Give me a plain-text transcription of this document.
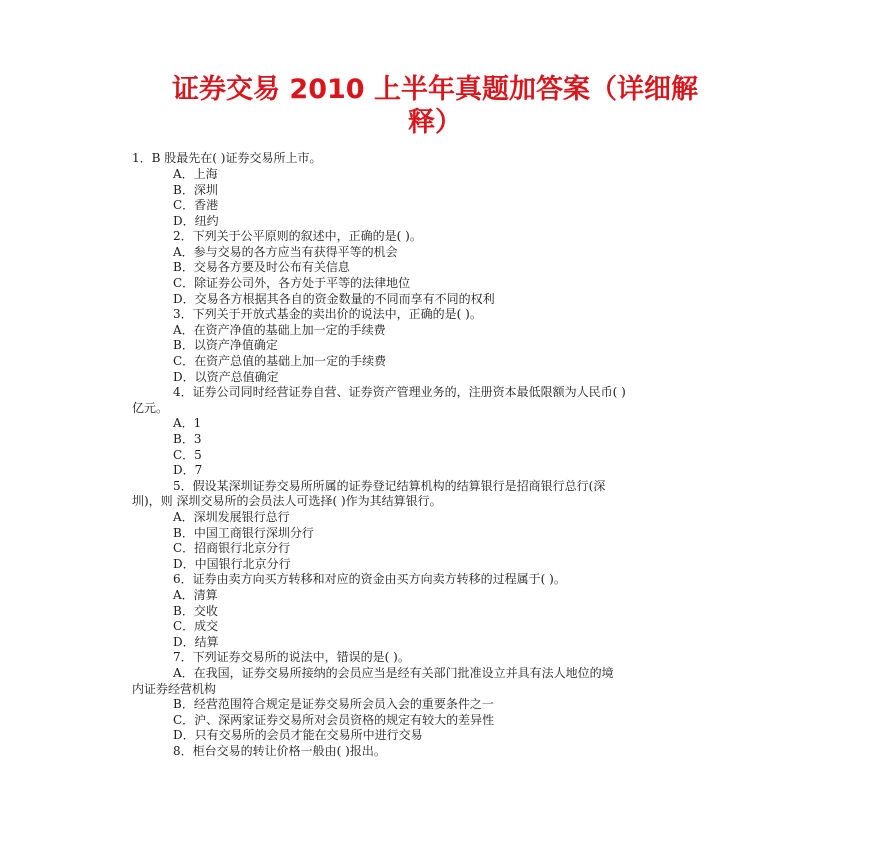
证券交易 2010 上半年真题加答案（详细解
释）
1．B 股最先在( )证券交易所上市。
A．上海
B．深圳
C．香港
D．纽约
2．下列关于公平原则的叙述中，正确的是( )。
A．参与交易的各方应当有获得平等的机会
B．交易各方要及时公布有关信息
C．除证券公司外，各方处于平等的法律地位
D．交易各方根据其各自的资金数量的不同而享有不同的权利
3．下列关于开放式基金的卖出价的说法中，正确的是( )。
A．在资产净值的基础上加一定的手续费
B．以资产净值确定
C．在资产总值的基础上加一定的手续费
D．以资产总值确定
4．证券公司同时经营证券自营、证券资产管理业务的，注册资本最低限额为人民币( )
亿元。
A．1
B．3
C．5
D．7
5．假设某深圳证券交易所所属的证券登记结算机构的结算银行是招商银行总行(深
圳)，则 深圳交易所的会员法人可选择( )作为其结算银行。
A．深圳发展银行总行
B．中国工商银行深圳分行
C．招商银行北京分行
D．中国银行北京分行
6．证券由卖方向买方转移和对应的资金由买方向卖方转移的过程属于( )。
A．清算
B．交收
C．成交
D．结算
7．下列证券交易所的说法中，错误的是( )。
A．在我国，证券交易所接纳的会员应当是经有关部门批准设立并具有法人地位的境
内证券经营机构
B．经营范围符合规定是证券交易所会员入会的重要条件之一
C．沪、深两家证券交易所对会员资格的规定有较大的差异性
D．只有交易所的会员才能在交易所中进行交易
8．柜台交易的转让价格一般由( )报出。
